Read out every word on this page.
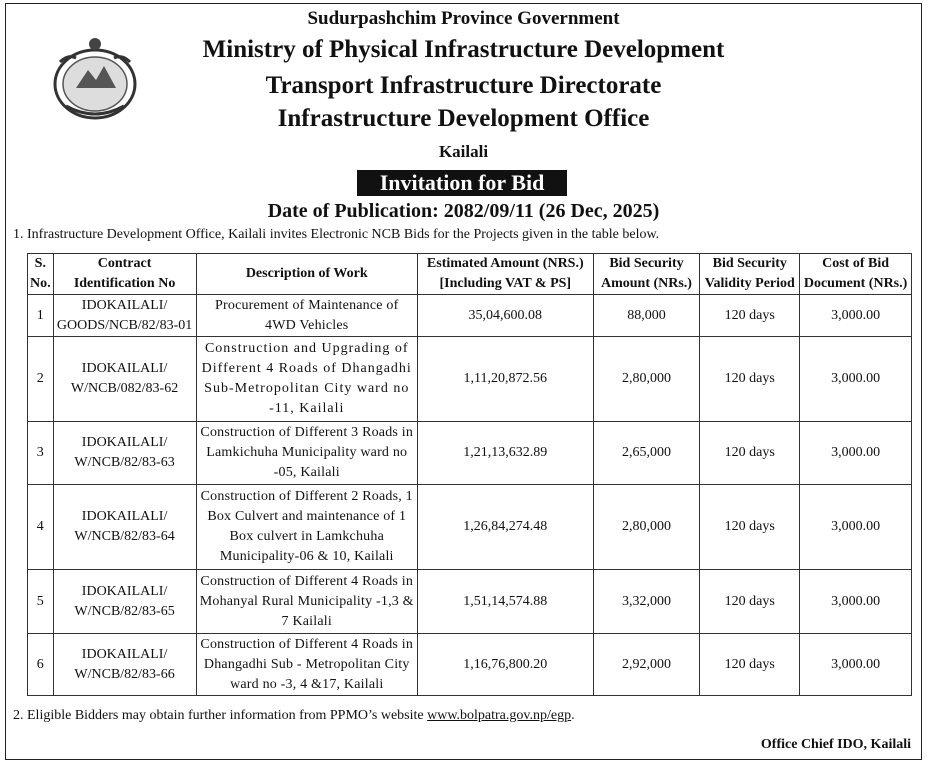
Sudurpashchim Province Government
Ministry of Physical Infrastructure Development
Transport Infrastructure Directorate
Infrastructure Development Office
Kailali
Invitation for Bid
Date of Publication: 2082/09/11 (26 Dec, 2025)
1. Infrastructure Development Office, Kailali invites Electronic NCB Bids for the Projects given in the table below.
S. No.	Contract Identification No	Description of Work	Estimated Amount (NRS.) [Including VAT & PS]	Bid Security Amount (NRs.)	Bid Security Validity Period	Cost of Bid Document (NRs.)
1	IDOKAILALI/ GOODS/NCB/82/83-01	Procurement of Maintenance of 4WD Vehicles	35,04,600.08	88,000	120 days	3,000.00
2	IDOKAILALI/ W/NCB/082/83-62	Construction and Upgrading of Different 4 Roads of Dhangadhi Sub-Metropolitan City ward no -11, Kailali	1,11,20,872.56	2,80,000	120 days	3,000.00
3	IDOKAILALI/ W/NCB/82/83-63	Construction of Different 3 Roads in Lamkichuha Municipality ward no -05, Kailali	1,21,13,632.89	2,65,000	120 days	3,000.00
4	IDOKAILALI/ W/NCB/82/83-64	Construction of Different 2 Roads, 1 Box Culvert and maintenance of 1 Box culvert in Lamkchuha Municipality-06 & 10, Kailali	1,26,84,274.48	2,80,000	120 days	3,000.00
5	IDOKAILALI/ W/NCB/82/83-65	Construction of Different 4 Roads in Mohanyal Rural Municipality -1,3 & 7 Kailali	1,51,14,574.88	3,32,000	120 days	3,000.00
6	IDOKAILALI/ W/NCB/82/83-66	Construction of Different 4 Roads in Dhangadhi Sub - Metropolitan City ward no -3, 4 &17, Kailali	1,16,76,800.20	2,92,000	120 days	3,000.00
2. Eligible Bidders may obtain further information from PPMO’s website www.bolpatra.gov.np/egp.
Office Chief IDO, Kailali
